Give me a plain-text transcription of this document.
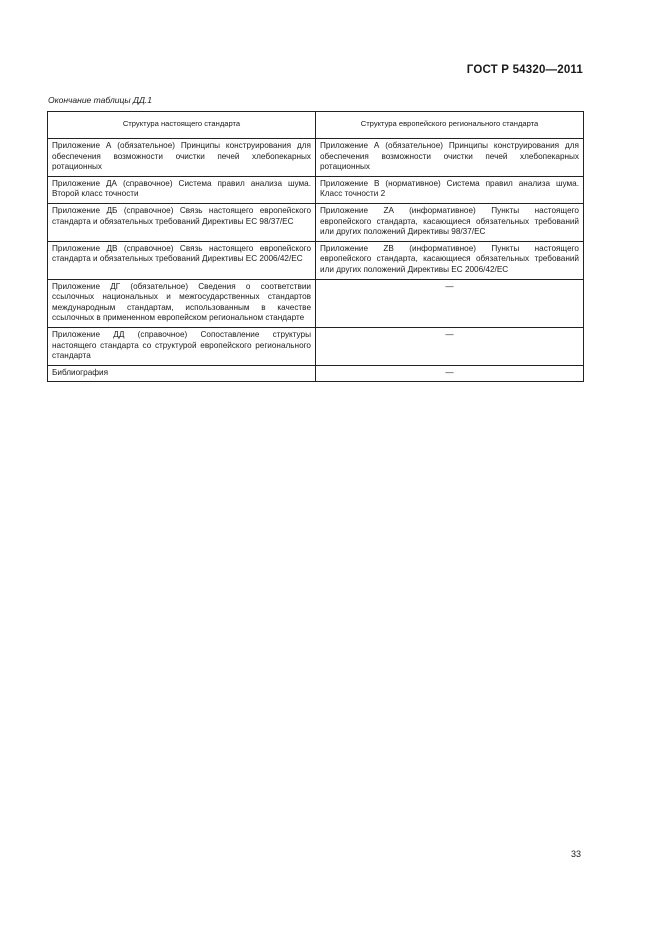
ГОСТ Р 54320—2011
Окончание таблицы ДД.1
Структура настоящего стандарта	Структура европейского регионального стандарта
Приложение А (обязательное) Принципы конструирования для обеспечения возможности очистки печей хлебопекарных ротационных	Приложение А (обязательное) Принципы конструирования для обеспечения возможности очистки печей хлебопекарных ротационных
Приложение ДА (справочное) Система правил анализа шума. Второй класс точности	Приложение В (нормативное) Система правил анализа шума. Класс точности 2
Приложение ДБ (справочное) Связь настоящего европейского стандарта и обязательных требований Директивы ЕС 98/37/ЕС	Приложение ZA (информативное) Пункты настоящего европейского стандарта, касающиеся обязательных требований или других положений Директивы 98/37/ЕС
Приложение ДВ (справочное) Связь настоящего европейского стандарта и обязательных требований Директивы ЕС 2006/42/ЕС	Приложение ZB (информативное) Пункты настоящего европейского стандарта, касающиеся обязательных требований или других положений Директивы ЕС 2006/42/ЕС
Приложение ДГ (обязательное) Сведения о соответствии ссылочных национальных и межгосударственных стандартов международным стандартам, использованным в качестве ссылочных в примененном европейском региональном стандарте	—
Приложение ДД (справочное) Сопоставление структуры настоящего стандарта со структурой европейского регионального стандарта	—
Библиография	—
33
